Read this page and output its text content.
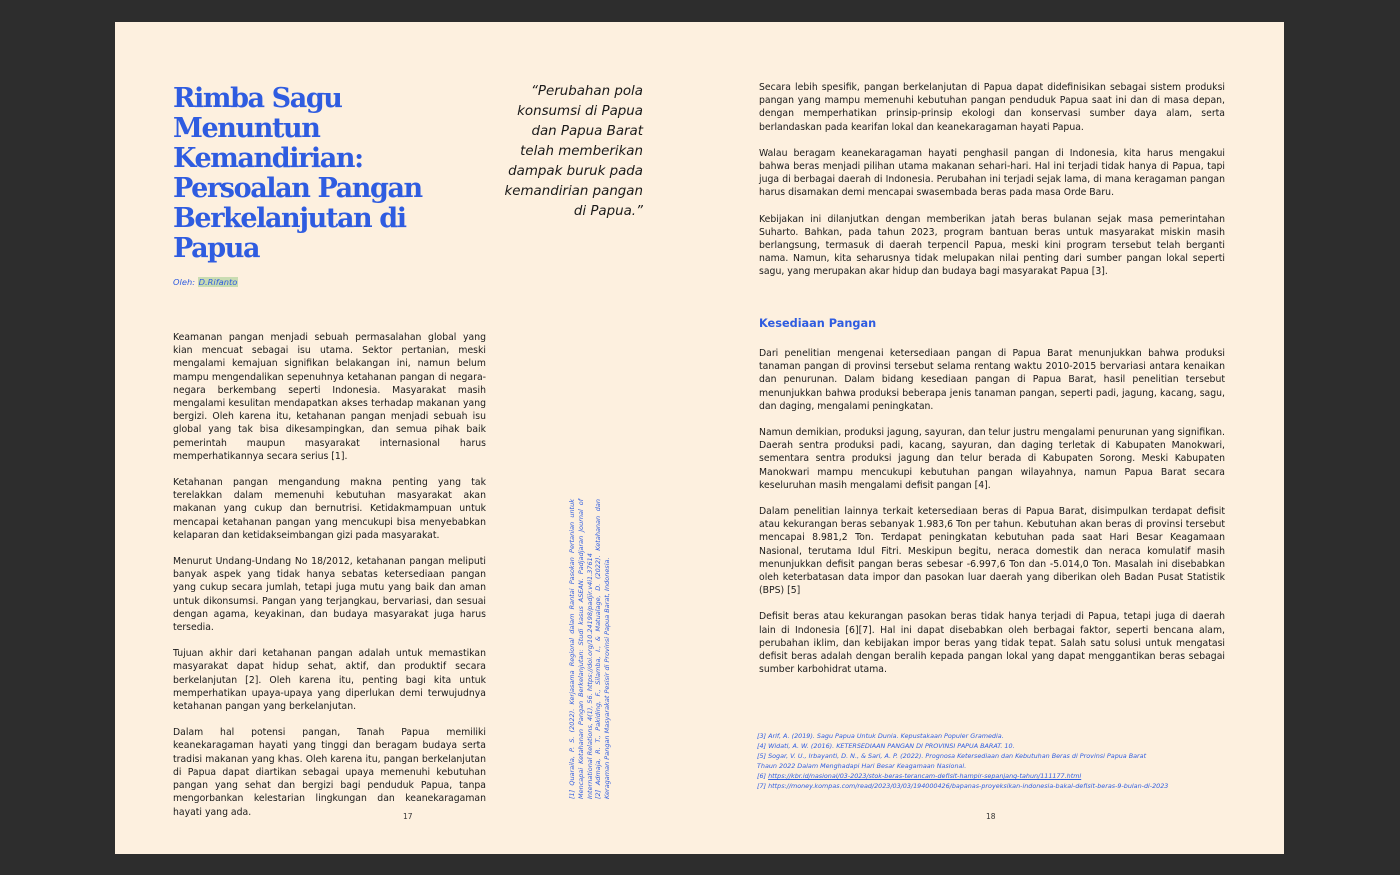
Rimba Sagu Menuntun Kemandirian: Persoalan Pangan Berkelanjutan di Papua
Oleh: D.Rifanto

“Perubahan pola konsumsi di Papua dan Papua Barat telah memberikan dampak buruk pada kemandirian pangan di Papua.”

Keamanan pangan menjadi sebuah permasalahan global yang kian mencuat sebagai isu utama. Sektor pertanian, meski mengalami kemajuan signifikan belakangan ini, namun belum mampu mengendalikan sepenuhnya ketahanan pangan di negara-negara berkembang seperti Indonesia. Masyarakat masih mengalami kesulitan mendapatkan akses terhadap makanan yang bergizi. Oleh karena itu, ketahanan pangan menjadi sebuah isu global yang tak bisa dikesampingkan, dan semua pihak baik pemerintah maupun masyarakat internasional harus memperhatikannya secara serius [1].

Ketahanan pangan mengandung makna penting yang tak terelakkan dalam memenuhi kebutuhan masyarakat akan makanan yang cukup dan bernutrisi. Ketidakmampuan untuk mencapai ketahanan pangan yang mencukupi bisa menyebabkan kelaparan dan ketidakseimbangan gizi pada masyarakat.

Menurut Undang-Undang No 18/2012, ketahanan pangan meliputi banyak aspek yang tidak hanya sebatas ketersediaan pangan yang cukup secara jumlah, tetapi juga mutu yang baik dan aman untuk dikonsumsi. Pangan yang terjangkau, bervariasi, dan sesuai dengan agama, keyakinan, dan budaya masyarakat juga harus tersedia.

Tujuan akhir dari ketahanan pangan adalah untuk memastikan masyarakat dapat hidup sehat, aktif, dan produktif secara berkelanjutan [2]. Oleh karena itu, penting bagi kita untuk memperhatikan upaya-upaya yang diperlukan demi terwujudnya ketahanan pangan yang berkelanjutan.

Dalam hal potensi pangan, Tanah Papua memiliki keanekaragaman hayati yang tinggi dan beragam budaya serta tradisi makanan yang khas. Oleh karena itu, pangan berkelanjutan di Papua dapat diartikan sebagai upaya memenuhi kebutuhan pangan yang sehat dan bergizi bagi penduduk Papua, tanpa mengorbankan kelestarian lingkungan dan keanekaragaman hayati yang ada.

[1] Quaraila, P. S. (2022). Kerjasama Regional dalam Rantai Pasokan Pertanian untuk Mencapai Ketahanan Pangan Berkelanjutan: Studi kasus ASEAN. Padjadjaran Journal of International Relations, 4(1), 56. https://doi.org/10.24198/padjir.v4i1.37614 [2] Admaja, R. T., Pakiding, F., Silamba, I., & Matualage, D. (2022). Ketahanan dan Keragaman Pangan Masyarakat Pesisir di Provinsi Papua Barat, Indonesia.

17

Secara lebih spesifik, pangan berkelanjutan di Papua dapat didefinisikan sebagai sistem produksi pangan yang mampu memenuhi kebutuhan pangan penduduk Papua saat ini dan di masa depan, dengan memperhatikan prinsip-prinsip ekologi dan konservasi sumber daya alam, serta berlandaskan pada kearifan lokal dan keanekaragaman hayati Papua.

Walau beragam keanekaragaman hayati penghasil pangan di Indonesia, kita harus mengakui bahwa beras menjadi pilihan utama makanan sehari-hari. Hal ini terjadi tidak hanya di Papua, tapi juga di berbagai daerah di Indonesia. Perubahan ini terjadi sejak lama, di mana keragaman pangan harus disamakan demi mencapai swasembada beras pada masa Orde Baru.

Kebijakan ini dilanjutkan dengan memberikan jatah beras bulanan sejak masa pemerintahan Suharto. Bahkan, pada tahun 2023, program bantuan beras untuk masyarakat miskin masih berlangsung, termasuk di daerah terpencil Papua, meski kini program tersebut telah berganti nama. Namun, kita seharusnya tidak melupakan nilai penting dari sumber pangan lokal seperti sagu, yang merupakan akar hidup dan budaya bagi masyarakat Papua [3].

Kesediaan Pangan

Dari penelitian mengenai ketersediaan pangan di Papua Barat menunjukkan bahwa produksi tanaman pangan di provinsi tersebut selama rentang waktu 2010-2015 bervariasi antara kenaikan dan penurunan. Dalam bidang kesediaan pangan di Papua Barat, hasil penelitian tersebut menunjukkan bahwa produksi beberapa jenis tanaman pangan, seperti padi, jagung, kacang, sagu, dan daging, mengalami peningkatan.

Namun demikian, produksi jagung, sayuran, dan telur justru mengalami penurunan yang signifikan. Daerah sentra produksi padi, kacang, sayuran, dan daging terletak di Kabupaten Manokwari, sementara sentra produksi jagung dan telur berada di Kabupaten Sorong. Meski Kabupaten Manokwari mampu mencukupi kebutuhan pangan wilayahnya, namun Papua Barat secara keseluruhan masih mengalami defisit pangan [4].

Dalam penelitian lainnya terkait ketersediaan beras di Papua Barat, disimpulkan terdapat defisit atau kekurangan beras sebanyak 1.983,6 Ton per tahun. Kebutuhan akan beras di provinsi tersebut mencapai 8.981,2 Ton. Terdapat peningkatan kebutuhan pada saat Hari Besar Keagamaan Nasional, terutama Idul Fitri. Meskipun begitu, neraca domestik dan neraca komulatif masih menunjukkan defisit pangan beras sebesar -6.997,6 Ton dan -5.014,0 Ton. Masalah ini disebabkan oleh keterbatasan data impor dan pasokan luar daerah yang diberikan oleh Badan Pusat Statistik (BPS) [5]

Defisit beras atau kekurangan pasokan beras tidak hanya terjadi di Papua, tetapi juga di daerah lain di Indonesia [6][7]. Hal ini dapat disebabkan oleh berbagai faktor, seperti bencana alam, perubahan iklim, dan kebijakan impor beras yang tidak tepat. Salah satu solusi untuk mengatasi defisit beras adalah dengan beralih kepada pangan lokal yang dapat menggantikan beras sebagai sumber karbohidrat utama.

[3] Arif, A. (2019). Sagu Papua Untuk Dunia. Kepustakaan Populer Gramedia.

[4] Widati, A. W. (2016). KETERSEDIAAN PANGAN DI PROVINSI PAPUA BARAT. 10.

[5] Sogar, V. U., Irbayanti, D. N., & Sari, A. P. (2022). Prognosa Ketersediaan dan Kebutuhan Beras di Provinsi Papua Barat

Thaun 2022 Dalam Menghadapi Hari Besar Keagamaan Nasional.

[6] https://kbr.id/nasional/03-2023/stok-beras-terancam-defisit-hampir-sepanjang-tahun/111177.html

[7] https://money.kompas.com/read/2023/03/03/194000426/bapanas-proyeksikan-indonesia-bakal-defisit-beras-9-bulan-di-2023

18
